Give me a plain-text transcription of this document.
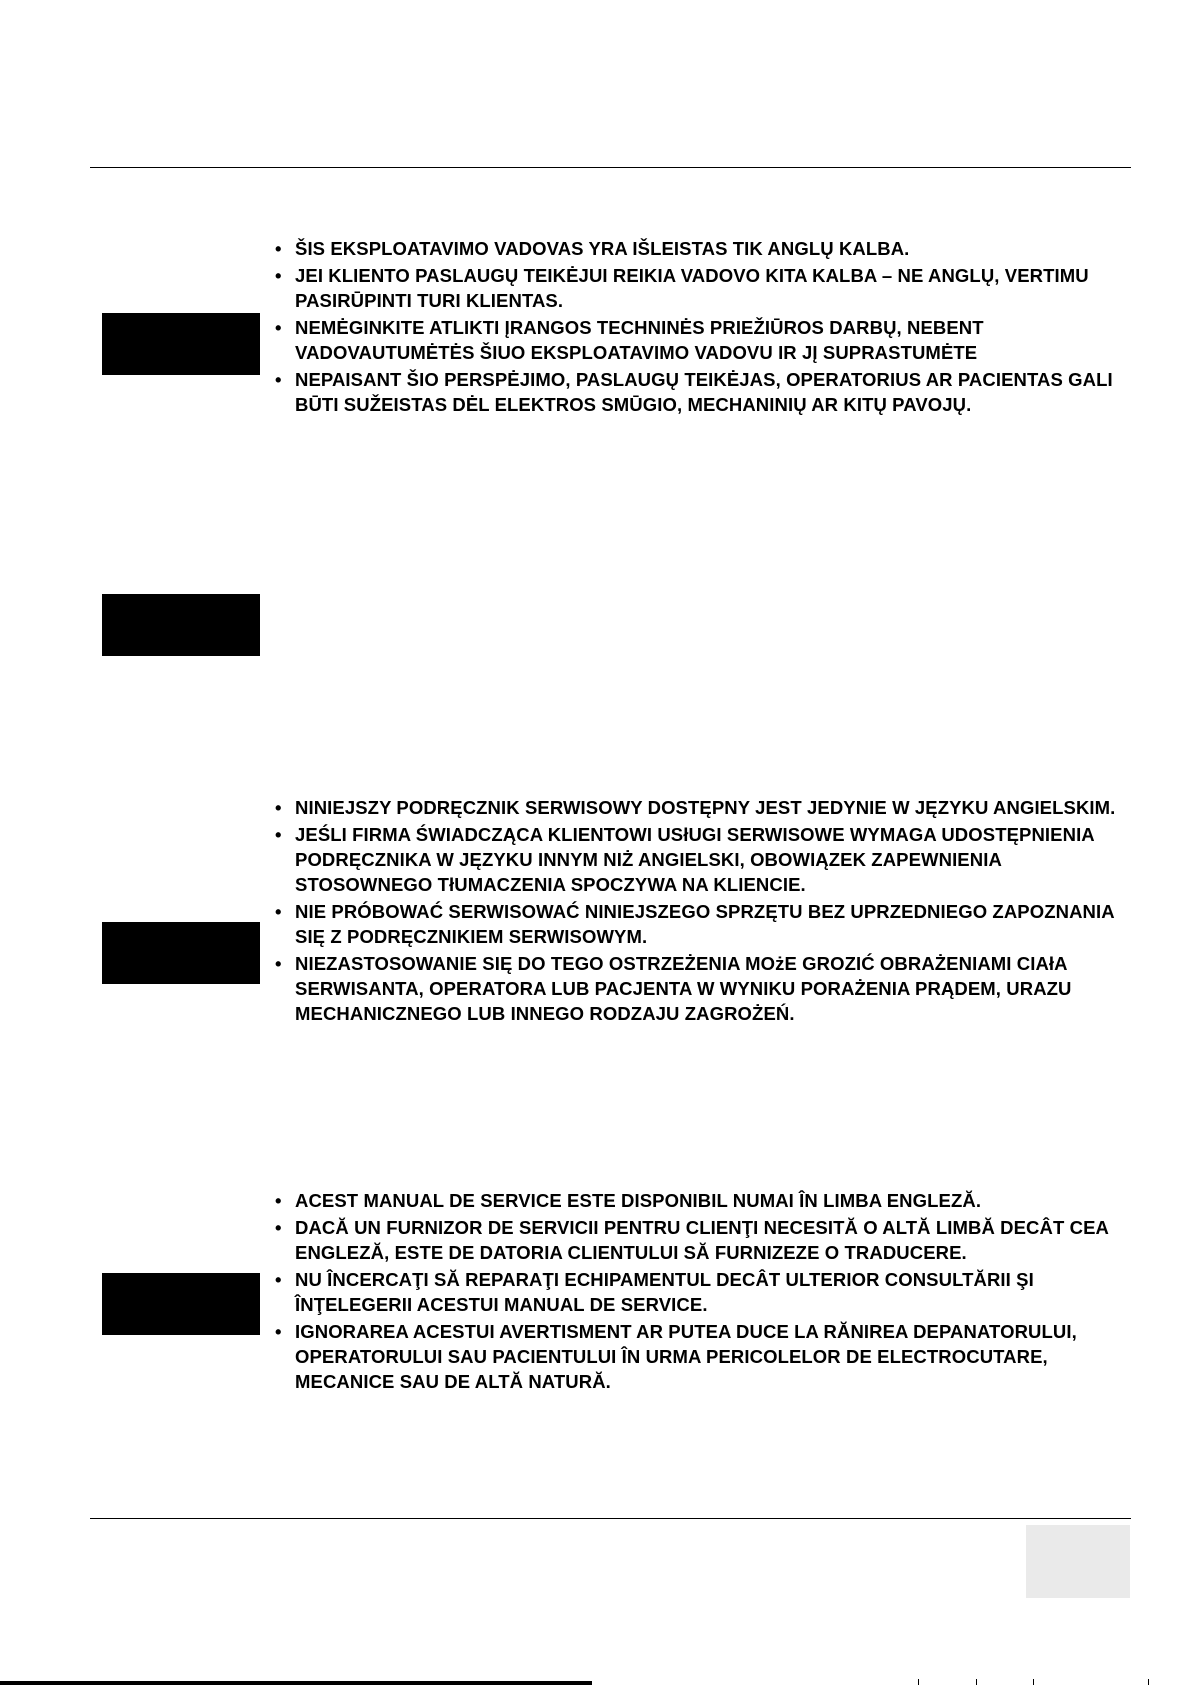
• ŠIS EKSPLOATAVIMO VADOVAS YRA IŠLEISTAS TIK ANGLŲ KALBA.
• JEI KLIENTO PASLAUGŲ TEIKĖJUI REIKIA VADOVO KITA KALBA – NE ANGLŲ, VERTIMU PASIRŪPINTI TURI KLIENTAS.
• NEMĖGINKITE ATLIKTI ĮRANGOS TECHNINĖS PRIEŽIŪROS DARBŲ, NEBENT VADOVAUTUMĖTĖS ŠIUO EKSPLOATAVIMO VADOVU IR JĮ SUPRASTUMĖTE
• NEPAISANT ŠIO PERSPĖJIMO, PASLAUGŲ TEIKĖJAS, OPERATORIUS AR PACIENTAS GALI BŪTI SUŽEISTAS DĖL ELEKTROS SMŪGIO, MECHANINIŲ AR KITŲ PAVOJŲ.
• NINIEJSZY PODRĘCZNIK SERWISOWY DOSTĘPNY JEST JEDYNIE W JĘZYKU ANGIELSKIM.
• JEŚLI FIRMA ŚWIADCZĄCA KLIENTOWI USłUGI SERWISOWE WYMAGA UDOSTĘPNIENIA PODRĘCZNIKA W JĘZYKU INNYM NIŻ ANGIELSKI, OBOWIĄZEK ZAPEWNIENIA STOSOWNEGO TłUMACZENIA SPOCZYWA NA KLIENCIE.
• NIE PRÓBOWAĆ SERWISOWAĆ NINIEJSZEGO SPRZĘTU BEZ UPRZEDNIEGO ZAPOZNANIA SIĘ Z PODRĘCZNIKIEM SERWISOWYM.
• NIEZASTOSOWANIE SIĘ DO TEGO OSTRZEŻENIA MOżE GROZIĆ OBRAŻENIAMI CIAłA SERWISANTA, OPERATORA LUB PACJENTA W WYNIKU PORAŻENIA PRĄDEM, URAZU MECHANICZNEGO LUB INNEGO RODZAJU ZAGROŻEŃ.
• ACEST MANUAL DE SERVICE ESTE DISPONIBIL NUMAI ÎN LIMBA ENGLEZĂ.
• DACĂ UN FURNIZOR DE SERVICII PENTRU CLIENŢI NECESITĂ O ALTĂ LIMBĂ DECÂT CEA ENGLEZĂ, ESTE DE DATORIA CLIENTULUI SĂ FURNIZEZE O TRADUCERE.
• NU ÎNCERCAŢI SĂ REPARAŢI ECHIPAMENTUL DECÂT ULTERIOR CONSULTĂRII ŞI ÎNŢELEGERII ACESTUI MANUAL DE SERVICE.
• IGNORAREA ACESTUI AVERTISMENT AR PUTEA DUCE LA RĂNIREA DEPANATORULUI, OPERATORULUI SAU PACIENTULUI ÎN URMA PERICOLELOR DE ELECTROCUTARE, MECANICE SAU DE ALTĂ NATURĂ.
